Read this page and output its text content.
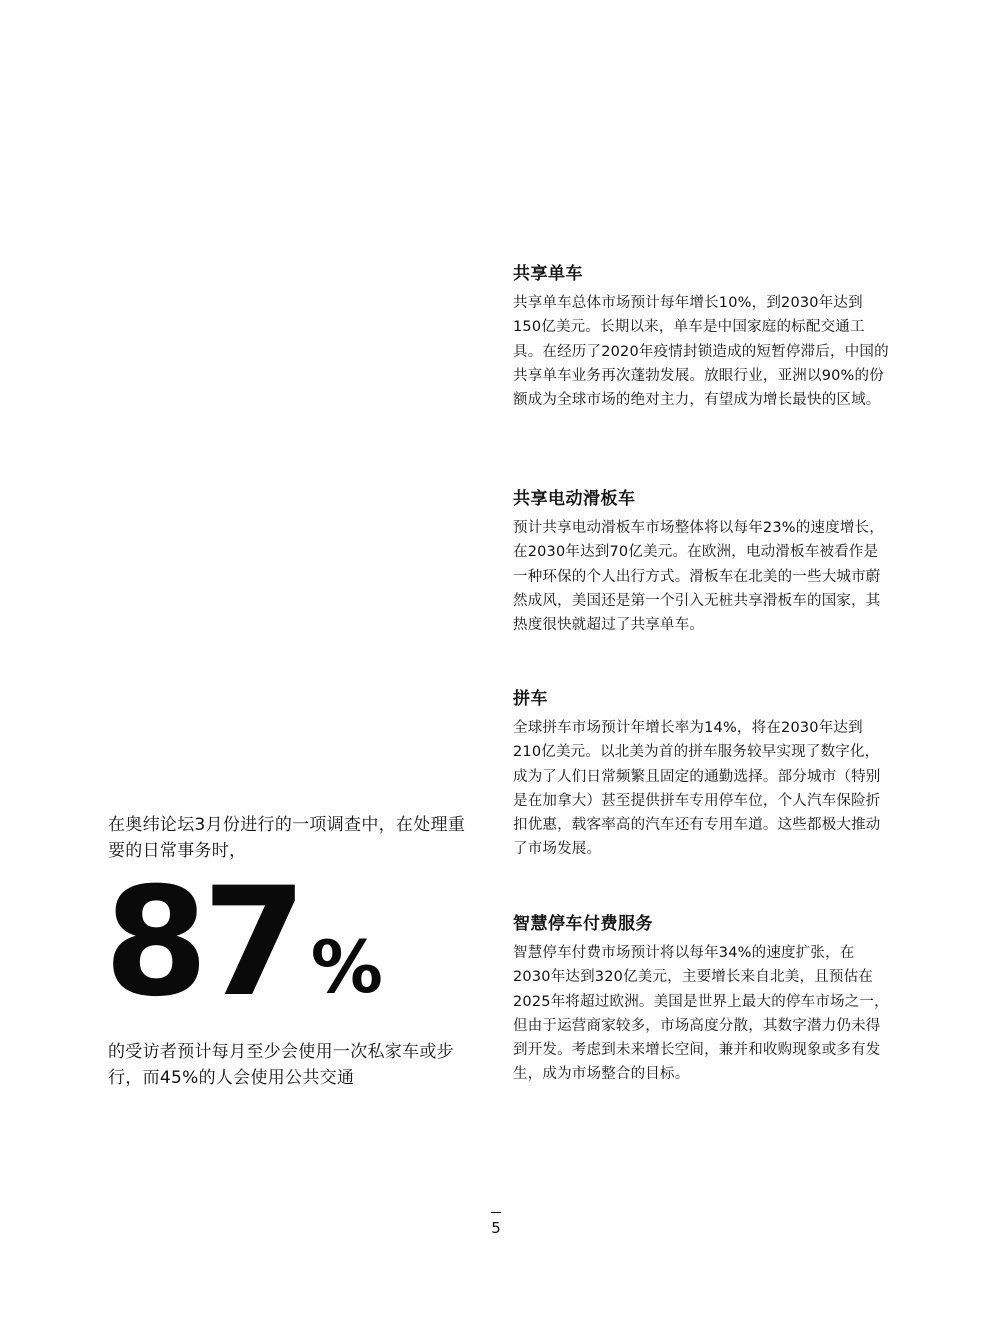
共享单车

共享单车总体市场预计每年增长10%，到2030年达到150亿美元。长期以来，单车是中国家庭的标配交通工具。在经历了2020年疫情封锁造成的短暂停滞后，中国的共享单车业务再次蓬勃发展。放眼行业，亚洲以90%的份额成为全球市场的绝对主力，有望成为增长最快的区域。

共享电动滑板车

预计共享电动滑板车市场整体将以每年23%的速度增长，在2030年达到70亿美元。在欧洲，电动滑板车被看作是一种环保的个人出行方式。滑板车在北美的一些大城市蔚然成风，美国还是第一个引入无桩共享滑板车的国家，其热度很快就超过了共享单车。

拼车

全球拼车市场预计年增长率为14%，将在2030年达到210亿美元。以北美为首的拼车服务较早实现了数字化，成为了人们日常频繁且固定的通勤选择。部分城市（特别是在加拿大）甚至提供拼车专用停车位，个人汽车保险折扣优惠，载客率高的汽车还有专用车道。这些都极大推动了市场发展。

智慧停车付费服务

智慧停车付费市场预计将以每年34%的速度扩张，在2030年达到320亿美元，主要增长来自北美，且预估在2025年将超过欧洲。美国是世界上最大的停车市场之一，但由于运营商家较多，市场高度分散，其数字潜力仍未得到开发。考虑到未来增长空间，兼并和收购现象或多有发生，成为市场整合的目标。

在奥纬论坛3月份进行的一项调查中，在处理重要的日常事务时，
87 %
的受访者预计每月至少会使用一次私家车或步行，而45%的人会使用公共交通
5
